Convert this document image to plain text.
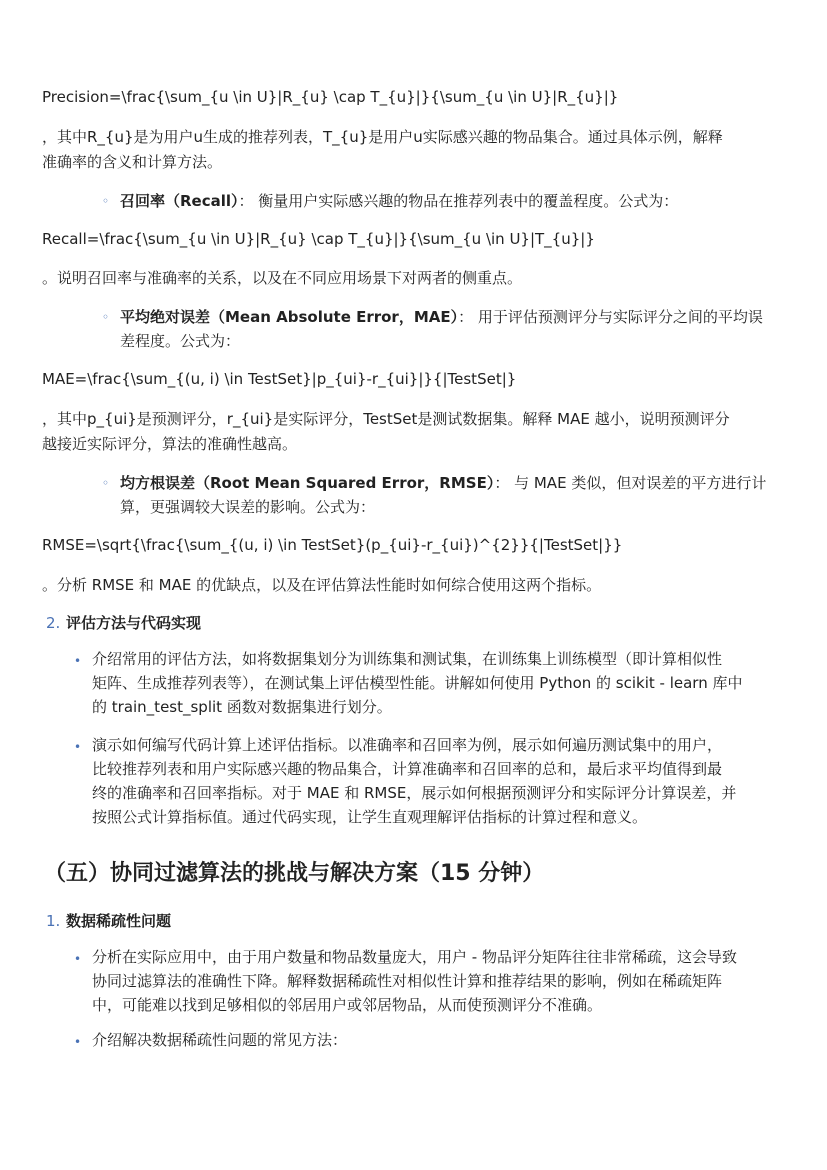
Precision=\frac{\sum_{u \in U}|R_{u} \cap T_{u}|}{\sum_{u \in U}|R_{u}|}
，其中R_{u}是为用户u生成的推荐列表，T_{u}是用户u实际感兴趣的物品集合。通过具体示例，解释
准确率的含义和计算方法。
◦ 召回率（Recall）： 衡量用户实际感兴趣的物品在推荐列表中的覆盖程度。公式为：
Recall=\frac{\sum_{u \in U}|R_{u} \cap T_{u}|}{\sum_{u \in U}|T_{u}|}
。说明召回率与准确率的关系，以及在不同应用场景下对两者的侧重点。
◦ 平均绝对误差（Mean Absolute Error，MAE）： 用于评估预测评分与实际评分之间的平均误
差程度。公式为：
MAE=\frac{\sum_{(u, i) \in TestSet}|p_{ui}-r_{ui}|}{|TestSet|}
，其中p_{ui}是预测评分，r_{ui}是实际评分，TestSet是测试数据集。解释 MAE 越小，说明预测评分
越接近实际评分，算法的准确性越高。
◦ 均方根误差（Root Mean Squared Error，RMSE）： 与 MAE 类似，但对误差的平方进行计
算，更强调较大误差的影响。公式为：
RMSE=\sqrt{\frac{\sum_{(u, i) \in TestSet}(p_{ui}-r_{ui})^{2}}{|TestSet|}}
。分析 RMSE 和 MAE 的优缺点，以及在评估算法性能时如何综合使用这两个指标。
2. 评估方法与代码实现
• 介绍常用的评估方法，如将数据集划分为训练集和测试集，在训练集上训练模型（即计算相似性
矩阵、生成推荐列表等），在测试集上评估模型性能。讲解如何使用 Python 的 scikit - learn 库中
的 train_test_split 函数对数据集进行划分。
• 演示如何编写代码计算上述评估指标。以准确率和召回率为例，展示如何遍历测试集中的用户，
比较推荐列表和用户实际感兴趣的物品集合，计算准确率和召回率的总和，最后求平均值得到最
终的准确率和召回率指标。对于 MAE 和 RMSE，展示如何根据预测评分和实际评分计算误差，并
按照公式计算指标值。通过代码实现，让学生直观理解评估指标的计算过程和意义。
（五）协同过滤算法的挑战与解决方案（15 分钟）
1. 数据稀疏性问题
• 分析在实际应用中，由于用户数量和物品数量庞大，用户 - 物品评分矩阵往往非常稀疏，这会导致
协同过滤算法的准确性下降。解释数据稀疏性对相似性计算和推荐结果的影响，例如在稀疏矩阵
中，可能难以找到足够相似的邻居用户或邻居物品，从而使预测评分不准确。
• 介绍解决数据稀疏性问题的常见方法：
